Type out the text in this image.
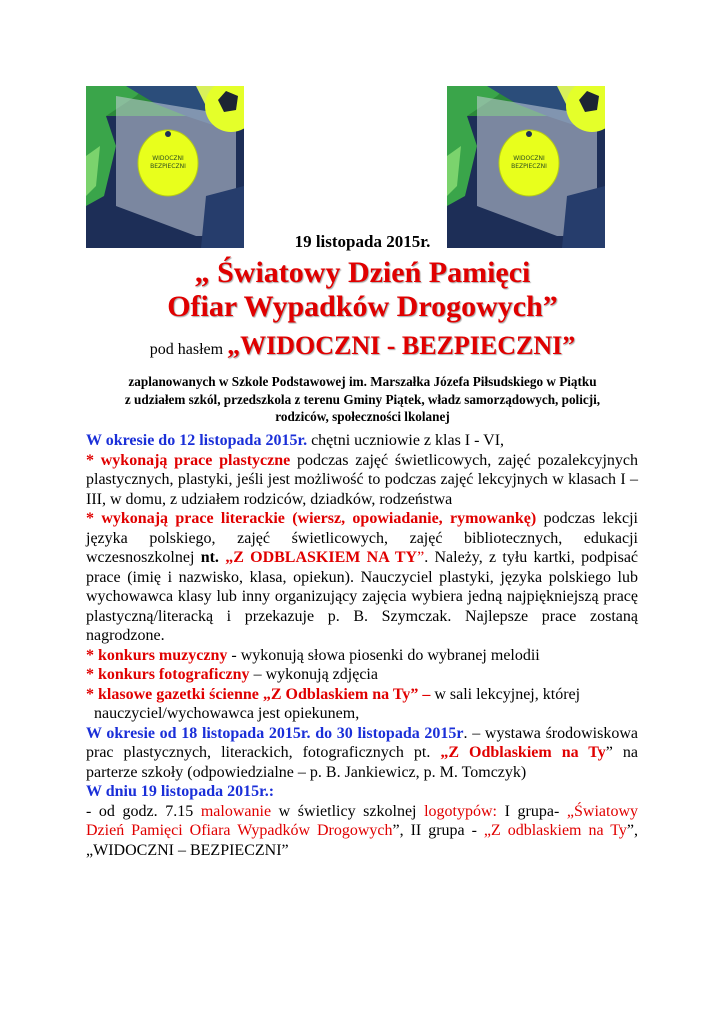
WIDOCZNI
BEZPIECZNI
WIDOCZNI
BEZPIECZNI
19 listopada 2015r.
„ Światowy Dzień Pamięci
Ofiar Wypadków Drogowych”
pod hasłem „WIDOCZNI - BEZPIECZNI”
zaplanowanych w Szkole Podstawowej im. Marszałka Józefa Piłsudskiego w Piątku
z udziałem szkól, przedszkola z terenu Gminy Piątek, władz samorządowych, policji,
rodziców, społeczności lkolanej

W okresie do 12 listopada 2015r. chętni uczniowie z klas I - VI,

* wykonają prace plastyczne podczas zajęć świetlicowych, zajęć pozalekcyjnych plastycznych, plastyki, jeśli jest możliwość to podczas zajęć lekcyjnych w klasach I – III, w domu, z udziałem rodziców, dziadków, rodzeństwa

* wykonają prace literackie (wiersz, opowiadanie, rymowankę) podczas lekcji języka polskiego, zajęć świetlicowych, zajęć bibliotecznych, edukacji wczesnoszkolnej nt. „Z ODBLASKIEM NA TY”. Należy, z tyłu kartki, podpisać prace (imię i nazwisko, klasa, opiekun). Nauczyciel plastyki, języka polskiego lub wychowawca klasy lub inny organizujący zajęcia wybiera jedną najpiękniejszą pracę plastyczną/literacką i przekazuje p. B. Szymczak. Najlepsze prace zostaną nagrodzone.

* konkurs muzyczny - wykonują słowa piosenki do wybranej melodii

* konkurs fotograficzny – wykonują zdjęcia

* klasowe gazetki ścienne „Z Odblaskiem na Ty” – w sali lekcyjnej, której

nauczyciel/wychowawca jest opiekunem,

W okresie od 18 listopada 2015r. do 30 listopada 2015r. – wystawa środowiskowa prac plastycznych, literackich, fotograficznych pt. „Z Odblaskiem na Ty” na parterze szkoły (odpowiedzialne – p. B. Jankiewicz, p. M. Tomczyk)

W dniu 19 listopada 2015r.:

- od godz. 7.15 malowanie w świetlicy szkolnej logotypów: I grupa- „Światowy Dzień Pamięci Ofiara Wypadków Drogowych”, II grupa - „Z odblaskiem na Ty”, „WIDOCZNI – BEZPIECZNI”
